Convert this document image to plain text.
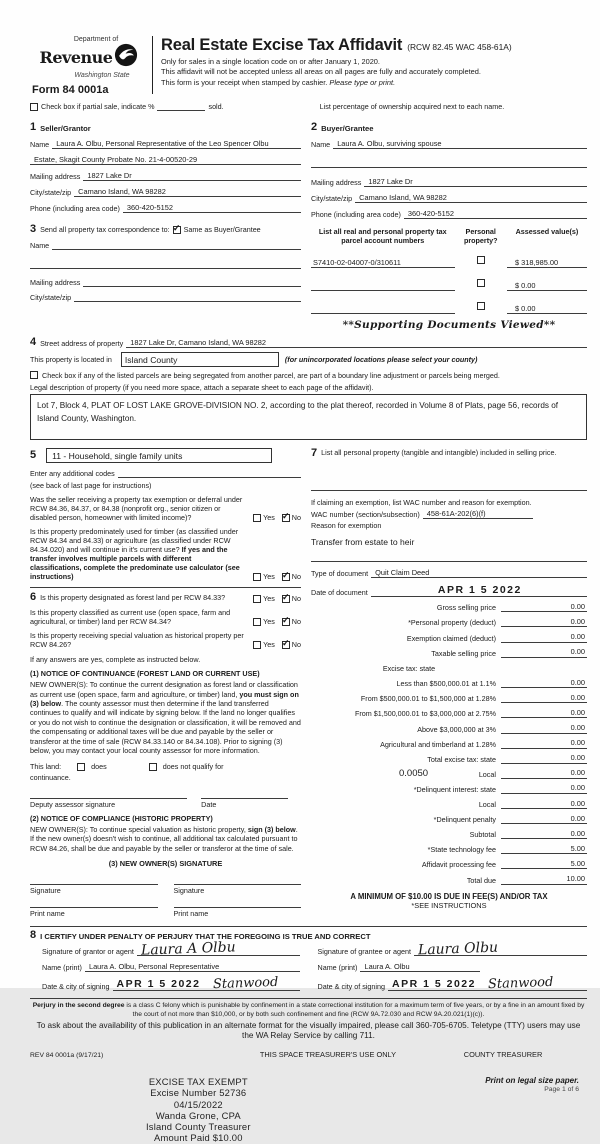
Department of
Revenue
Washington State
Form 84 0001a
Real Estate Excise Tax Affidavit (RCW 82.45 WAC 458-61A)
Only for sales in a single location code on or after January 1, 2020.
This affidavit will not be accepted unless all areas on all pages are fully and accurately completed.
This form is your receipt when stamped by cashier. Please type or print.
Check box if partial sale, indicate %	sold.	List percentage of ownership acquired next to each name.
1 Seller/Grantor
Name Laura A. Olbu, Personal Representative of the Leo Spencer Olbu
Estate, Skagit County Probate No. 21-4-00520-29
Mailing address 1827 Lake Dr
City/state/zip Camano Island, WA 98282
Phone (including area code) 360-420-5152
3 Send all property tax correspondence to: ✓ Same as Buyer/Grantee
Name
Mailing address
City/state/zip
2 Buyer/Grantee
Name Laura A. Olbu, surviving spouse
Mailing address 1827 Lake Dr
City/state/zip Camano Island, WA 98282
Phone (including area code) 360-420-5152
List all real and personal property tax parcel account numbers
Personal property?
Assessed value(s)
S7410-02-04007-0/310611	$ 318,985.00
$ 0.00
$ 0.00
**Supporting Documents Viewed**
4 Street address of property 1827 Lake Dr, Camano Island, WA 98282
This property is located in	Island County	(for unincorporated locations please select your county)
Check box if any of the listed parcels are being segregated from another parcel, are part of a boundary line adjustment or parcels being merged.
Legal description of property (if you need more space, attach a separate sheet to each page of the affidavit).
Lot 7, Block 4, PLAT OF LOST LAKE GROVE-DIVISION NO. 2, according to the plat thereof, recorded in Volume 8 of Plats, page 56, records of Island County, Washington.
5	11 - Household, single family units
Enter any additional codes
(see back of last page for instructions)
Was the seller receiving a property tax exemption or deferral under RCW 84.36, 84.37, or 84.38 (nonprofit org., senior citizen or disabled person, homeowner with limited income)?	Yes ✓ No
Is this property predominately used for timber (as classified under RCW 84.34 and 84.33) or agriculture (as classified under RCW 84.34.020) and will continue in it's current use? If yes and the transfer involves multiple parcels with different classifications, complete the predominate use calculator (see instructions)	Yes ✓ No
6 Is this property designated as forest land per RCW 84.33?	Yes ✓ No
Is this property classified as current use (open space, farm and agricultural, or timber) land per RCW 84.34?	Yes ✓ No
Is this property receiving special valuation as historical property per RCW 84.26?	Yes ✓ No
If any answers are yes, complete as instructed below.
(1) NOTICE OF CONTINUANCE (FOREST LAND OR CURRENT USE)
NEW OWNER(S): To continue the current designation as forest land or classification as current use (open space, farm and agriculture, or timber) land, you must sign on (3) below. The county assessor must then determine if the land transferred continues to qualify and will indicate by signing below. If the land no longer qualifies or you do not wish to continue the designation or classification, it will be removed and the compensating or additional taxes will be due and payable by the seller or transferor at the time of sale (RCW 84.33.140 or 84.34.108). Prior to signing (3) below, you may contact your local county assessor for more information.
This land:	does	does not qualify for
continuance.
Deputy assessor signature	Date
(2) NOTICE OF COMPLIANCE (HISTORIC PROPERTY)
NEW OWNER(S): To continue special valuation as historic property, sign (3) below. If the new owner(s) doesn't wish to continue, all additional tax calculated pursuant to RCW 84.26, shall be due and payable by the seller or transferor at the time of sale.
(3) NEW OWNER(S) SIGNATURE
Signature
Print name
Signature
Print name
7 List all personal property (tangible and intangible) included in selling price.
If claiming an exemption, list WAC number and reason for exemption.
WAC number (section/subsection) 458-61A-202(6)(f)
Reason for exemption
Transfer from estate to heir
Type of document Quit Claim Deed
Date of document	APR 1 5 2022
Gross selling price	0.00
*Personal property (deduct)	0.00
Exemption claimed (deduct)	0.00
Taxable selling price	0.00
Excise tax: state
Less than $500,000.01 at 1.1%	0.00
From $500,000.01 to $1,500,000 at 1.28%	0.00
From $1,500,000.01 to $3,000,000 at 2.75%	0.00
Above $3,000,000 at 3%	0.00
Agricultural and timberland at 1.28%	0.00
Total excise tax: state	0.00
0.0050	Local	0.00
*Delinquent interest: state	0.00
Local	0.00
*Delinquent penalty	0.00
Subtotal	0.00
*State technology fee	5.00
Affidavit processing fee	5.00
Total due	10.00
A MINIMUM OF $10.00 IS DUE IN FEE(S) AND/OR TAX
*SEE INSTRUCTIONS
8 I CERTIFY UNDER PENALTY OF PERJURY THAT THE FOREGOING IS TRUE AND CORRECT
Signature of grantor or agent Laura A Olbu
Name (print) Laura A. Olbu, Personal Representative
Date & city of signing APR 1 5 2022 Stanwood
Signature of grantee or agent Laura Olbu
Name (print) Laura A. Olbu
Date & city of signing APR 1 5 2022 Stanwood
Perjury in the second degree is a class C felony which is punishable by confinement in a state correctional institution for a maximum term of five years, or by a fine in an amount fixed by the court of not more than $10,000, or by both such confinement and fine (RCW 9A.72.030 and RCW 9A.20.021(1)(c)).
To ask about the availability of this publication in an alternate format for the visually impaired, please call 360-705-6705. Teletype (TTY) users may use the WA Relay Service by calling 711.
REV 84 0001a (9/17/21)	THIS SPACE TREASURER'S USE ONLY	COUNTY TREASURER
EXCISE TAX EXEMPT
Excise Number 52736
04/15/2022
Wanda Grone, CPA
Island County Treasurer
Amount Paid $10.00
Print on legal size paper.
Page 1 of 6
